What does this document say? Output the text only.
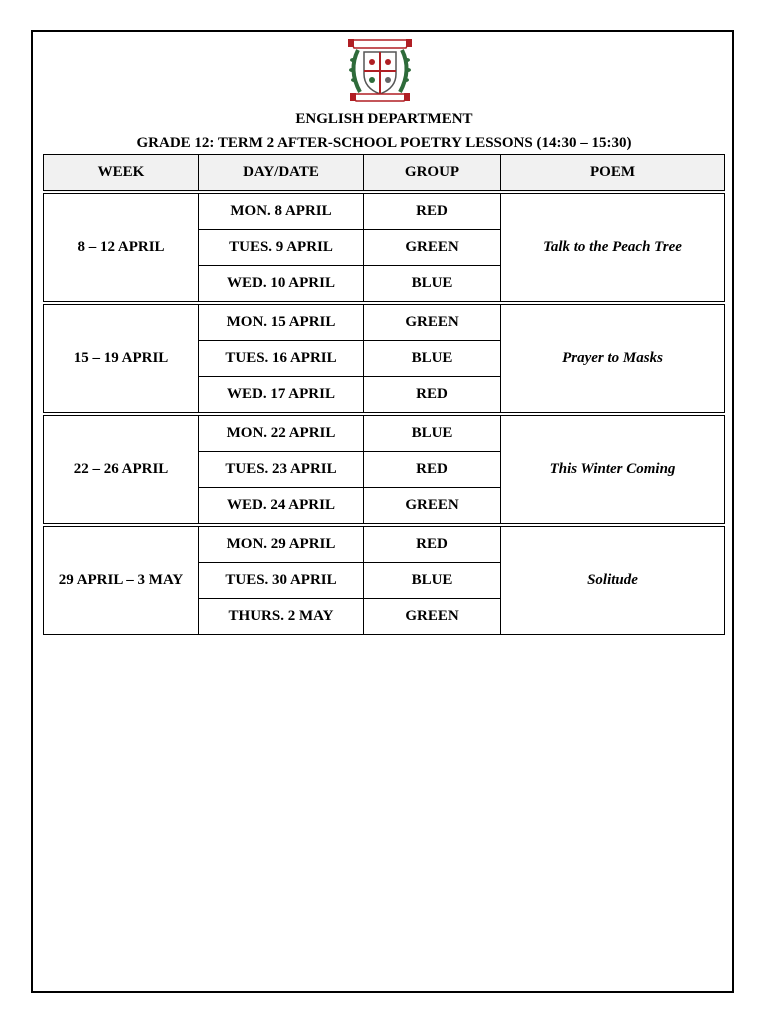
ENGLISH DEPARTMENT
GRADE 12: TERM 2 AFTER-SCHOOL POETRY LESSONS (14:30 – 15:30)
WEEK	DAY/DATE	GROUP	POEM
8 – 12 APRIL	MON. 8 APRIL	RED	Talk to the Peach Tree
	TUES. 9 APRIL	GREEN	
	WED. 10 APRIL	BLUE	
15 – 19 APRIL	MON. 15 APRIL	GREEN	Prayer to Masks
	TUES. 16 APRIL	BLUE	
	WED. 17 APRIL	RED	
22 – 26 APRIL	MON. 22 APRIL	BLUE	This Winter Coming
	TUES. 23 APRIL	RED	
	WED. 24 APRIL	GREEN	
29 APRIL – 3 MAY	MON. 29 APRIL	RED	Solitude
	TUES. 30 APRIL	BLUE	
	THURS. 2 MAY	GREEN	
